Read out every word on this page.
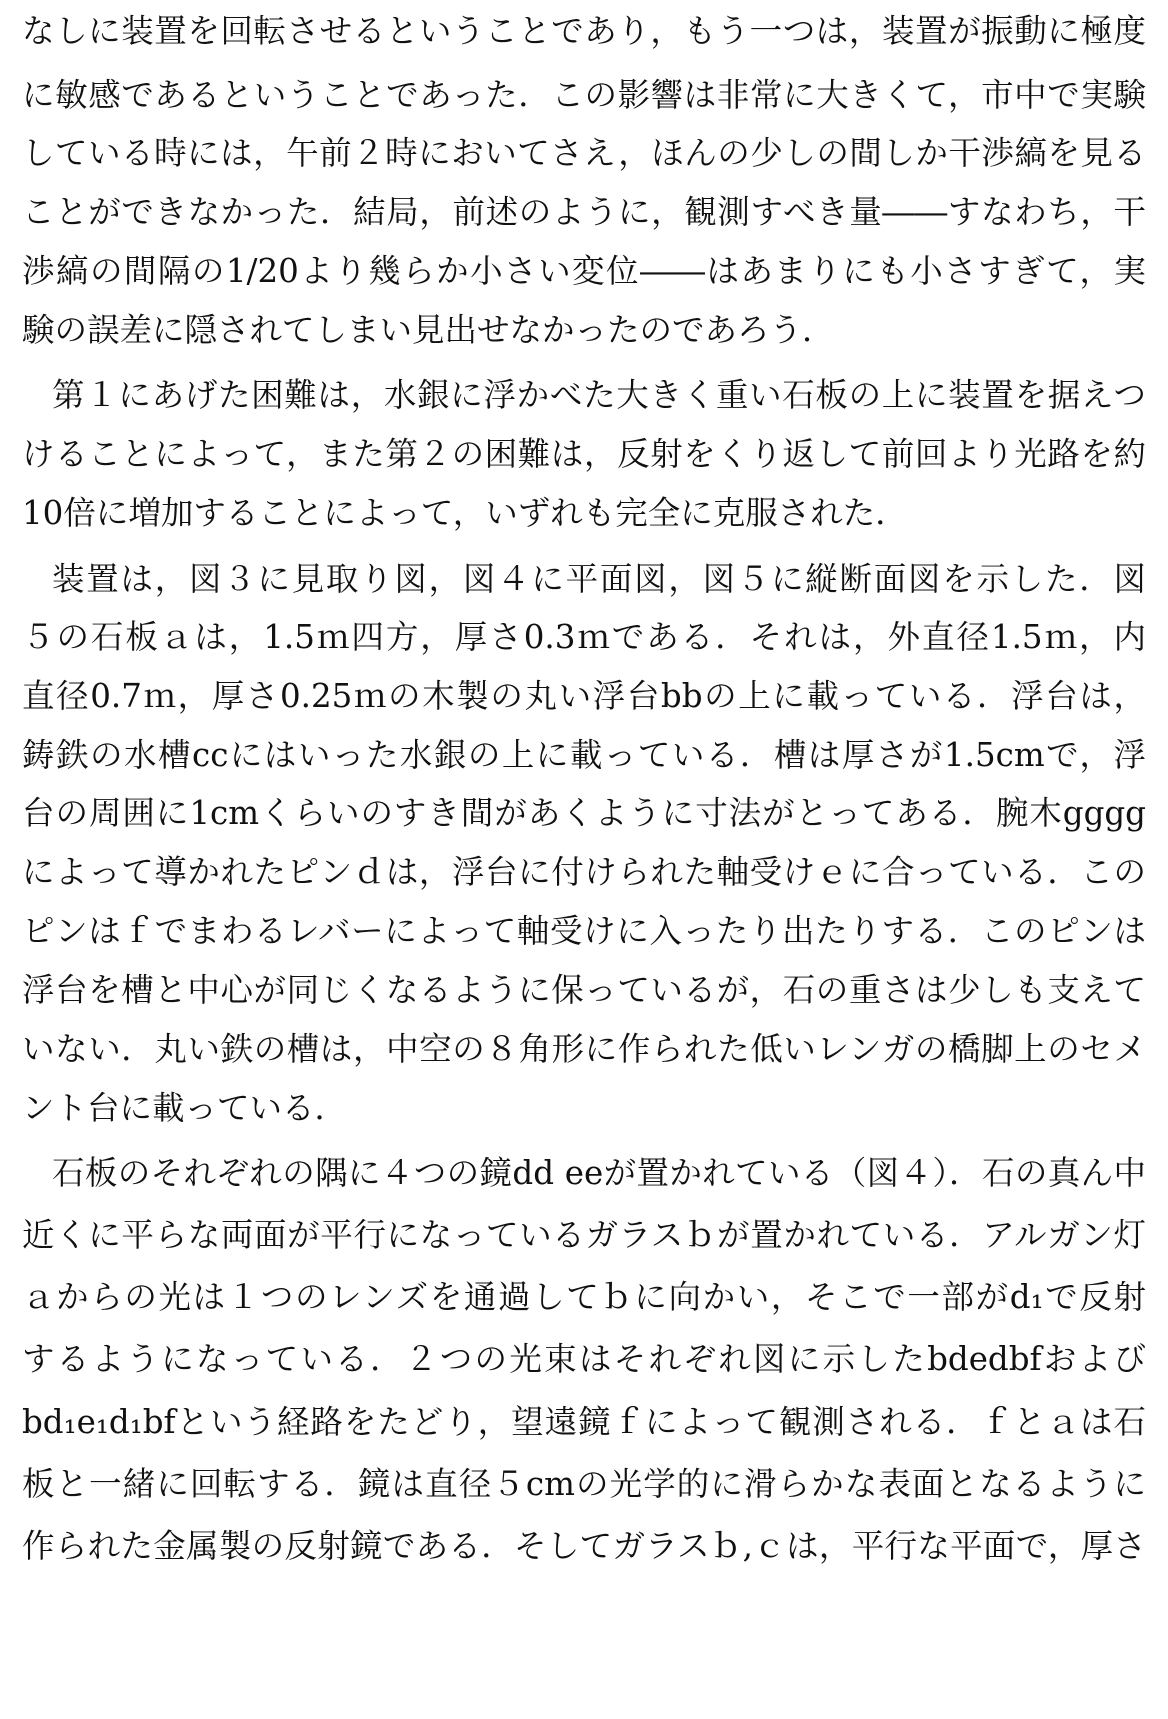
なしに装置を回転させるということであり，もう一つは，装置が振動に極度
に敏感であるということであった．この影響は非常に大きくて，市中で実験
している時には，午前２時においてさえ，ほんの少しの間しか干渉縞を見る
ことができなかった．結局，前述のように，観測すべき量――すなわち，干
渉縞の間隔の1/20より幾らか小さい変位――はあまりにも小さすぎて，実
験の誤差に隠されてしまい見出せなかったのであろう．
第１にあげた困難は，水銀に浮かべた大きく重い石板の上に装置を据えつ
けることによって，また第２の困難は，反射をくり返して前回より光路を約
10倍に増加することによって，いずれも完全に克服された．
装置は，図３に見取り図，図４に平面図，図５に縦断面図を示した．図
５の石板ａは，1.5ｍ四方，厚さ0.3ｍである．それは，外直径1.5ｍ，内
直径0.7ｍ，厚さ0.25ｍの木製の丸い浮台bbの上に載っている．浮台は，
鋳鉄の水槽ccにはいった水銀の上に載っている．槽は厚さが1.5cmで，浮
台の周囲に1cmくらいのすき間があくように寸法がとってある．腕木gggg
によって導かれたピンｄは，浮台に付けられた軸受けｅに合っている．この
ピンはｆでまわるレバーによって軸受けに入ったり出たりする．このピンは
浮台を槽と中心が同じくなるように保っているが，石の重さは少しも支えて
いない．丸い鉄の槽は，中空の８角形に作られた低いレンガの橋脚上のセメ
ント台に載っている．
石板のそれぞれの隅に４つの鏡dd eeが置かれている（図４）．石の真ん中
近くに平らな両面が平行になっているガラスｂが置かれている．アルガン灯
ａからの光は１つのレンズを通過してｂに向かい，そこで一部がd₁で反射
するようになっている．２つの光束はそれぞれ図に示したbdedbfおよび
bd₁e₁d₁bfという経路をたどり，望遠鏡ｆによって観測される．ｆとａは石
板と一緒に回転する．鏡は直径５cmの光学的に滑らかな表面となるように
作られた金属製の反射鏡である．そしてガラスｂ,ｃは，平行な平面で，厚さ
